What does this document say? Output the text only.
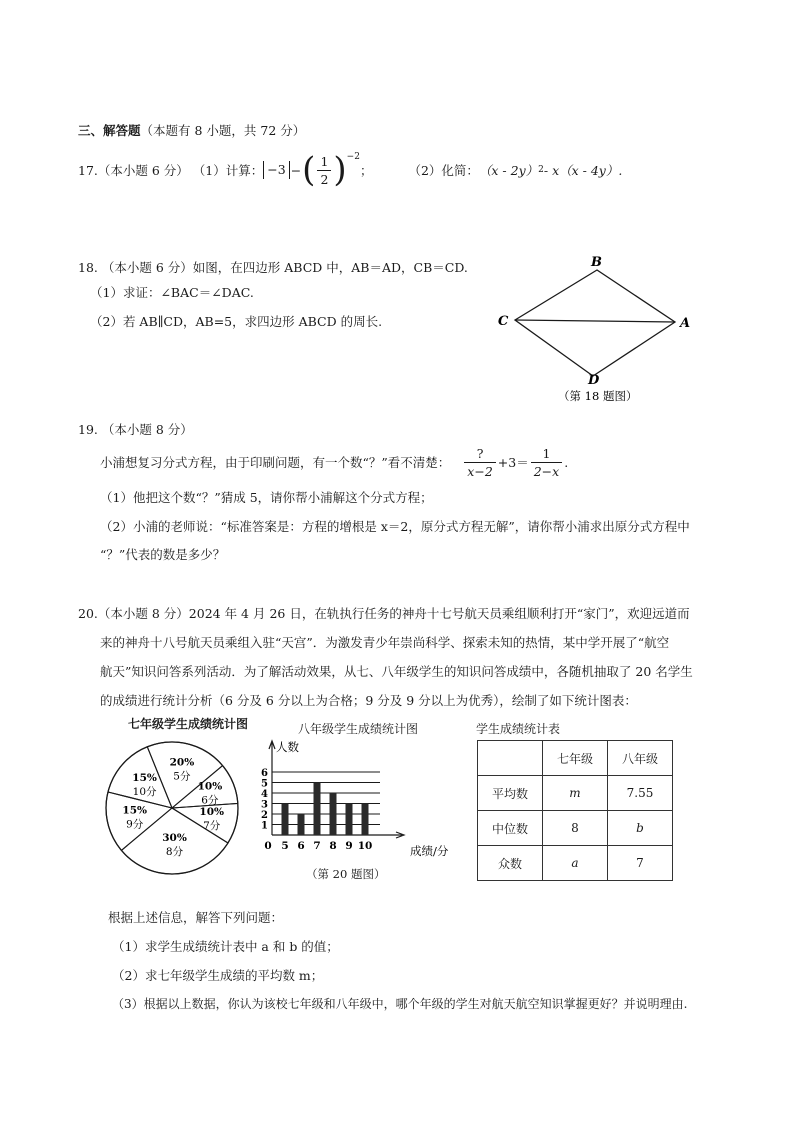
三、解答题（本题有 8 小题，共 72 分）
17. （本小题 6 分） （1）计算： −3 − ( $\frac{1}{2} )^{-2}$
；	（2）化简： （x - 2y） 2 - x（x - 4y）.
18. （本小题 6 分）如图，在四边形 ABCD 中，AB＝AD，CB＝CD.
（1）求证：∠BAC＝∠DAC.
（2）若 AB∥CD，AB=5，求四边形 ABCD 的周长.
B
C	A
D
（第 18 题图）
19. （本小题 8 分）
小浦想复习分式方程，由于印刷问题，有一个数“？”看不清楚： $\frac{?}{x-2} +3= \frac{1}{2-x}$ .
（1）他把这个数“？”猜成 5，请你帮小浦解这个分式方程；
（2）小浦的老师说：“标准答案是：方程的增根是 x＝2，原分式方程无解”，请你帮小浦求出原分式方程中
“？”代表的数是多少？
20.（本小题 8 分）2024 年 4 月 26 日，在轨执行任务的神舟十七号航天员乘组顺利打开“家门”，欢迎远道而
来的神舟十八号航天员乘组入驻“天宫”．为激发青少年崇尚科学、探索未知的热情，某中学开展了“航空
航天”知识问答系列活动．为了解活动效果，从七、八年级学生的知识问答成绩中，各随机抽取了 20 名学生
的成绩进行统计分析（6 分及 6 分以上为合格；9 分及 9 分以上为优秀），绘制了如下统计图表：
七年级学生成绩统计图
20%
5分
10%
6分
10%
7分
30%
8分
15%
9分
15%
10分
八年级学生成绩统计图
1
2
3
4
5
6
人数
0 5 6 7 8 9 10	成绩/分
（第 20 题图）
学生成绩统计表
	七年级	八年级
平均数	m	7.55
中位数	8	b
众数	a	7
根据上述信息，解答下列问题：
（1）求学生成绩统计表中 a 和 b 的值；
（2）求七年级学生成绩的平均数 m；
（3）根据以上数据，你认为该校七年级和八年级中，哪个年级的学生对航天航空知识掌握更好？并说明理由.
